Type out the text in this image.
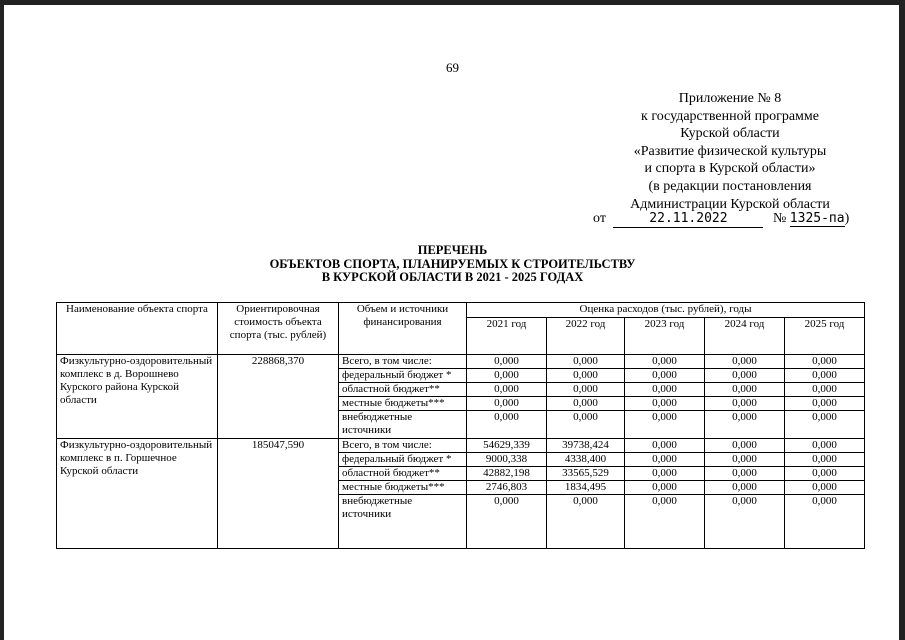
69
Приложение № 8
к государственной программе
Курской области
«Развитие физической культуры
и спорта в Курской области»
(в редакции постановления
Администрации Курской области
от	22.11.2022	№ 1325-па)
ПЕРЕЧЕНЬ
ОБЪЕКТОВ СПОРТА, ПЛАНИРУЕМЫХ К СТРОИТЕЛЬСТВУ
В КУРСКОЙ ОБЛАСТИ В 2021 - 2025 ГОДАХ
Наименование объекта спорта	Ориентировочная стоимость объекта спорта (тыс. рублей)	Объем и источники финансирования	Оценка расходов (тыс. рублей), годы				
			2021 год	2022 год	2023 год	2024 год	2025 год
Физкультурно-оздоровительный комплекс в д. Ворошнево Курского района Курской области	228868,370	Всего, в том числе:	0,000	0,000	0,000	0,000	0,000
		федеральный бюджет *	0,000	0,000	0,000	0,000	0,000
		областной бюджет**	0,000	0,000	0,000	0,000	0,000
		местные бюджеты***	0,000	0,000	0,000	0,000	0,000
		внебюджетные источники	0,000	0,000	0,000	0,000	0,000
Физкультурно-оздоровительный комплекс в п. Горшечное Курской области	185047,590	Всего, в том числе:	54629,339	39738,424	0,000	0,000	0,000
		федеральный бюджет *	9000,338	4338,400	0,000	0,000	0,000
		областной бюджет**	42882,198	33565,529	0,000	0,000	0,000
		местные бюджеты***	2746,803	1834,495	0,000	0,000	0,000
		внебюджетные источники	0,000	0,000	0,000	0,000	0,000
